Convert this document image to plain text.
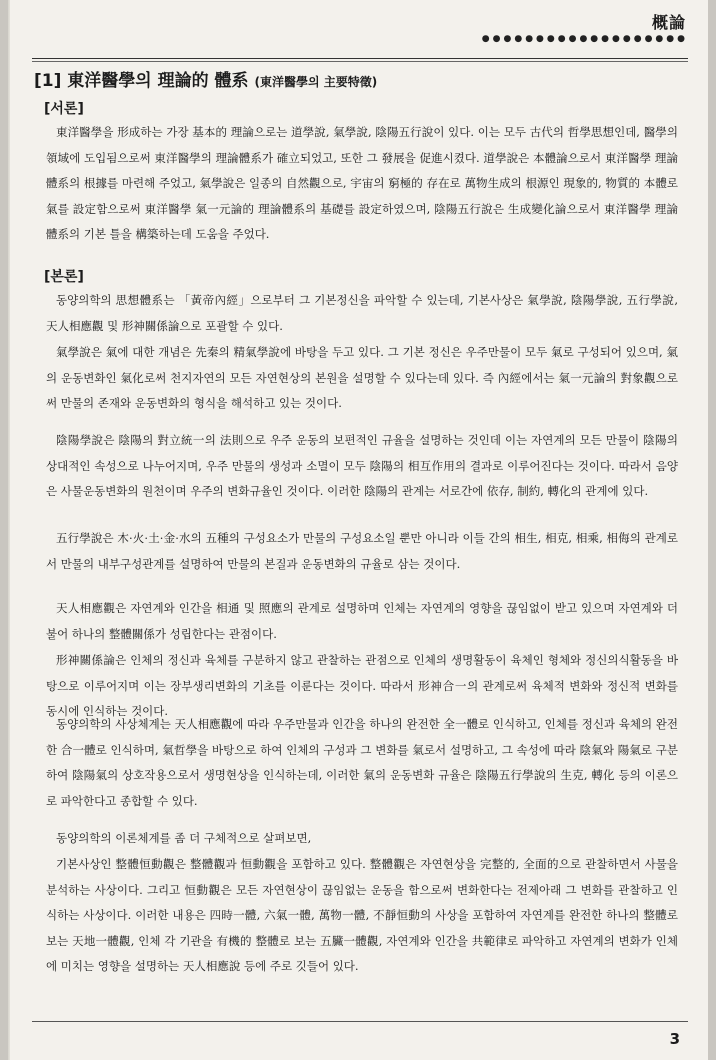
概論
●●●●●●●●●●●●●●●●●●●
[1] 東洋醫學의 理論的 體系 (東洋醫學의 主要特徵)
[서론]
東洋醫學을 形成하는 가장 基本的 理論으로는 道學說, 氣學說, 陰陽五行說이 있다. 이는 모두 古代의 哲學思想인데, 醫學의 領域에 도입됨으로써 東洋醫學의 理論體系가 確立되었고, 또한 그 發展을 促進시켰다. 道學說은 本體論으로서 東洋醫學 理論體系의 根據를 마련해 주었고, 氣學說은 일종의 自然觀으로, 宇宙의 窮極的 存在로 萬物生成의 根源인 現象的, 物質的 本體로 氣를 設定함으로써 東洋醫學 氣一元論的 理論體系의 基礎를 設定하였으며, 陰陽五行說은 生成變化論으로서 東洋醫學 理論體系의 기본 틀을 構築하는데 도움을 주었다.
[본론]
동양의학의 思想體系는 「黃帝內經」으로부터 그 기본정신을 파악할 수 있는데, 기본사상은 氣學說, 陰陽學說, 五行學說, 天人相應觀 및 形神關係論으로 포괄할 수 있다.
氣學說은 氣에 대한 개념은 先秦의 精氣學說에 바탕을 두고 있다. 그 기본 정신은 우주만물이 모두 氣로 구성되어 있으며, 氣의 운동변화인 氣化로써 천지자연의 모든 자연현상의 본원을 설명할 수 있다는데 있다. 즉 內經에서는 氣一元論의 對象觀으로써 만물의 존재와 운동변화의 형식을 해석하고 있는 것이다.
陰陽學說은 陰陽의 對立統一의 法則으로 우주 운동의 보편적인 규율을 설명하는 것인데 이는 자연계의 모든 만물이 陰陽의 상대적인 속성으로 나누어지며, 우주 만물의 생성과 소멸이 모두 陰陽의 相互作用의 결과로 이루어진다는 것이다. 따라서 음양은 사물운동변화의 원천이며 우주의 변화규율인 것이다. 이러한 陰陽의 관계는 서로간에 依存, 制約, 轉化의 관계에 있다.
五行學說은 木·火·土·金·水의 五種의 구성요소가 만물의 구성요소일 뿐만 아니라 이들 간의 相生, 相克, 相乘, 相侮의 관계로서 만물의 내부구성관계를 설명하여 만물의 본질과 운동변화의 규율로 삼는 것이다.
天人相應觀은 자연계와 인간을 相通 및 照應의 관계로 설명하며 인체는 자연계의 영향을 끊임없이 받고 있으며 자연계와 더불어 하나의 整體關係가 성립한다는 관점이다.
形神關係論은 인체의 정신과 육체를 구분하지 않고 관찰하는 관점으로 인체의 생명활동이 육체인 형체와 정신의식활동을 바탕으로 이루어지며 이는 장부생리변화의 기초를 이룬다는 것이다. 따라서 形神合一의 관계로써 육체적 변화와 정신적 변화를 동시에 인식하는 것이다.
동양의학의 사상체계는 天人相應觀에 따라 우주만물과 인간을 하나의 완전한 全一體로 인식하고, 인체를 정신과 육체의 완전한 合一體로 인식하며, 氣哲學을 바탕으로 하여 인체의 구성과 그 변화를 氣로서 설명하고, 그 속성에 따라 陰氣와 陽氣로 구분하여 陰陽氣의 상호작용으로서 생명현상을 인식하는데, 이러한 氣의 운동변화 규율은 陰陽五行學說의 生克, 轉化 등의 이론으로 파악한다고 종합할 수 있다.
동양의학의 이론체계를 좀 더 구체적으로 살펴보면,
기본사상인 整體恒動觀은 整體觀과 恒動觀을 포함하고 있다. 整體觀은 자연현상을 完整的, 全面的으로 관찰하면서 사물을 분석하는 사상이다. 그리고 恒動觀은 모든 자연현상이 끊임없는 운동을 함으로써 변화한다는 전제아래 그 변화를 관찰하고 인식하는 사상이다. 이러한 내용은 四時一體, 六氣一體, 萬物一體, 不靜恒動의 사상을 포함하여 자연계를 완전한 하나의 整體로 보는 天地一體觀, 인체 각 기관을 有機的 整體로 보는 五臟一體觀, 자연계와 인간을 共範律로 파악하고 자연계의 변화가 인체에 미치는 영향을 설명하는 天人相應說 등에 주로 깃들어 있다.
3
